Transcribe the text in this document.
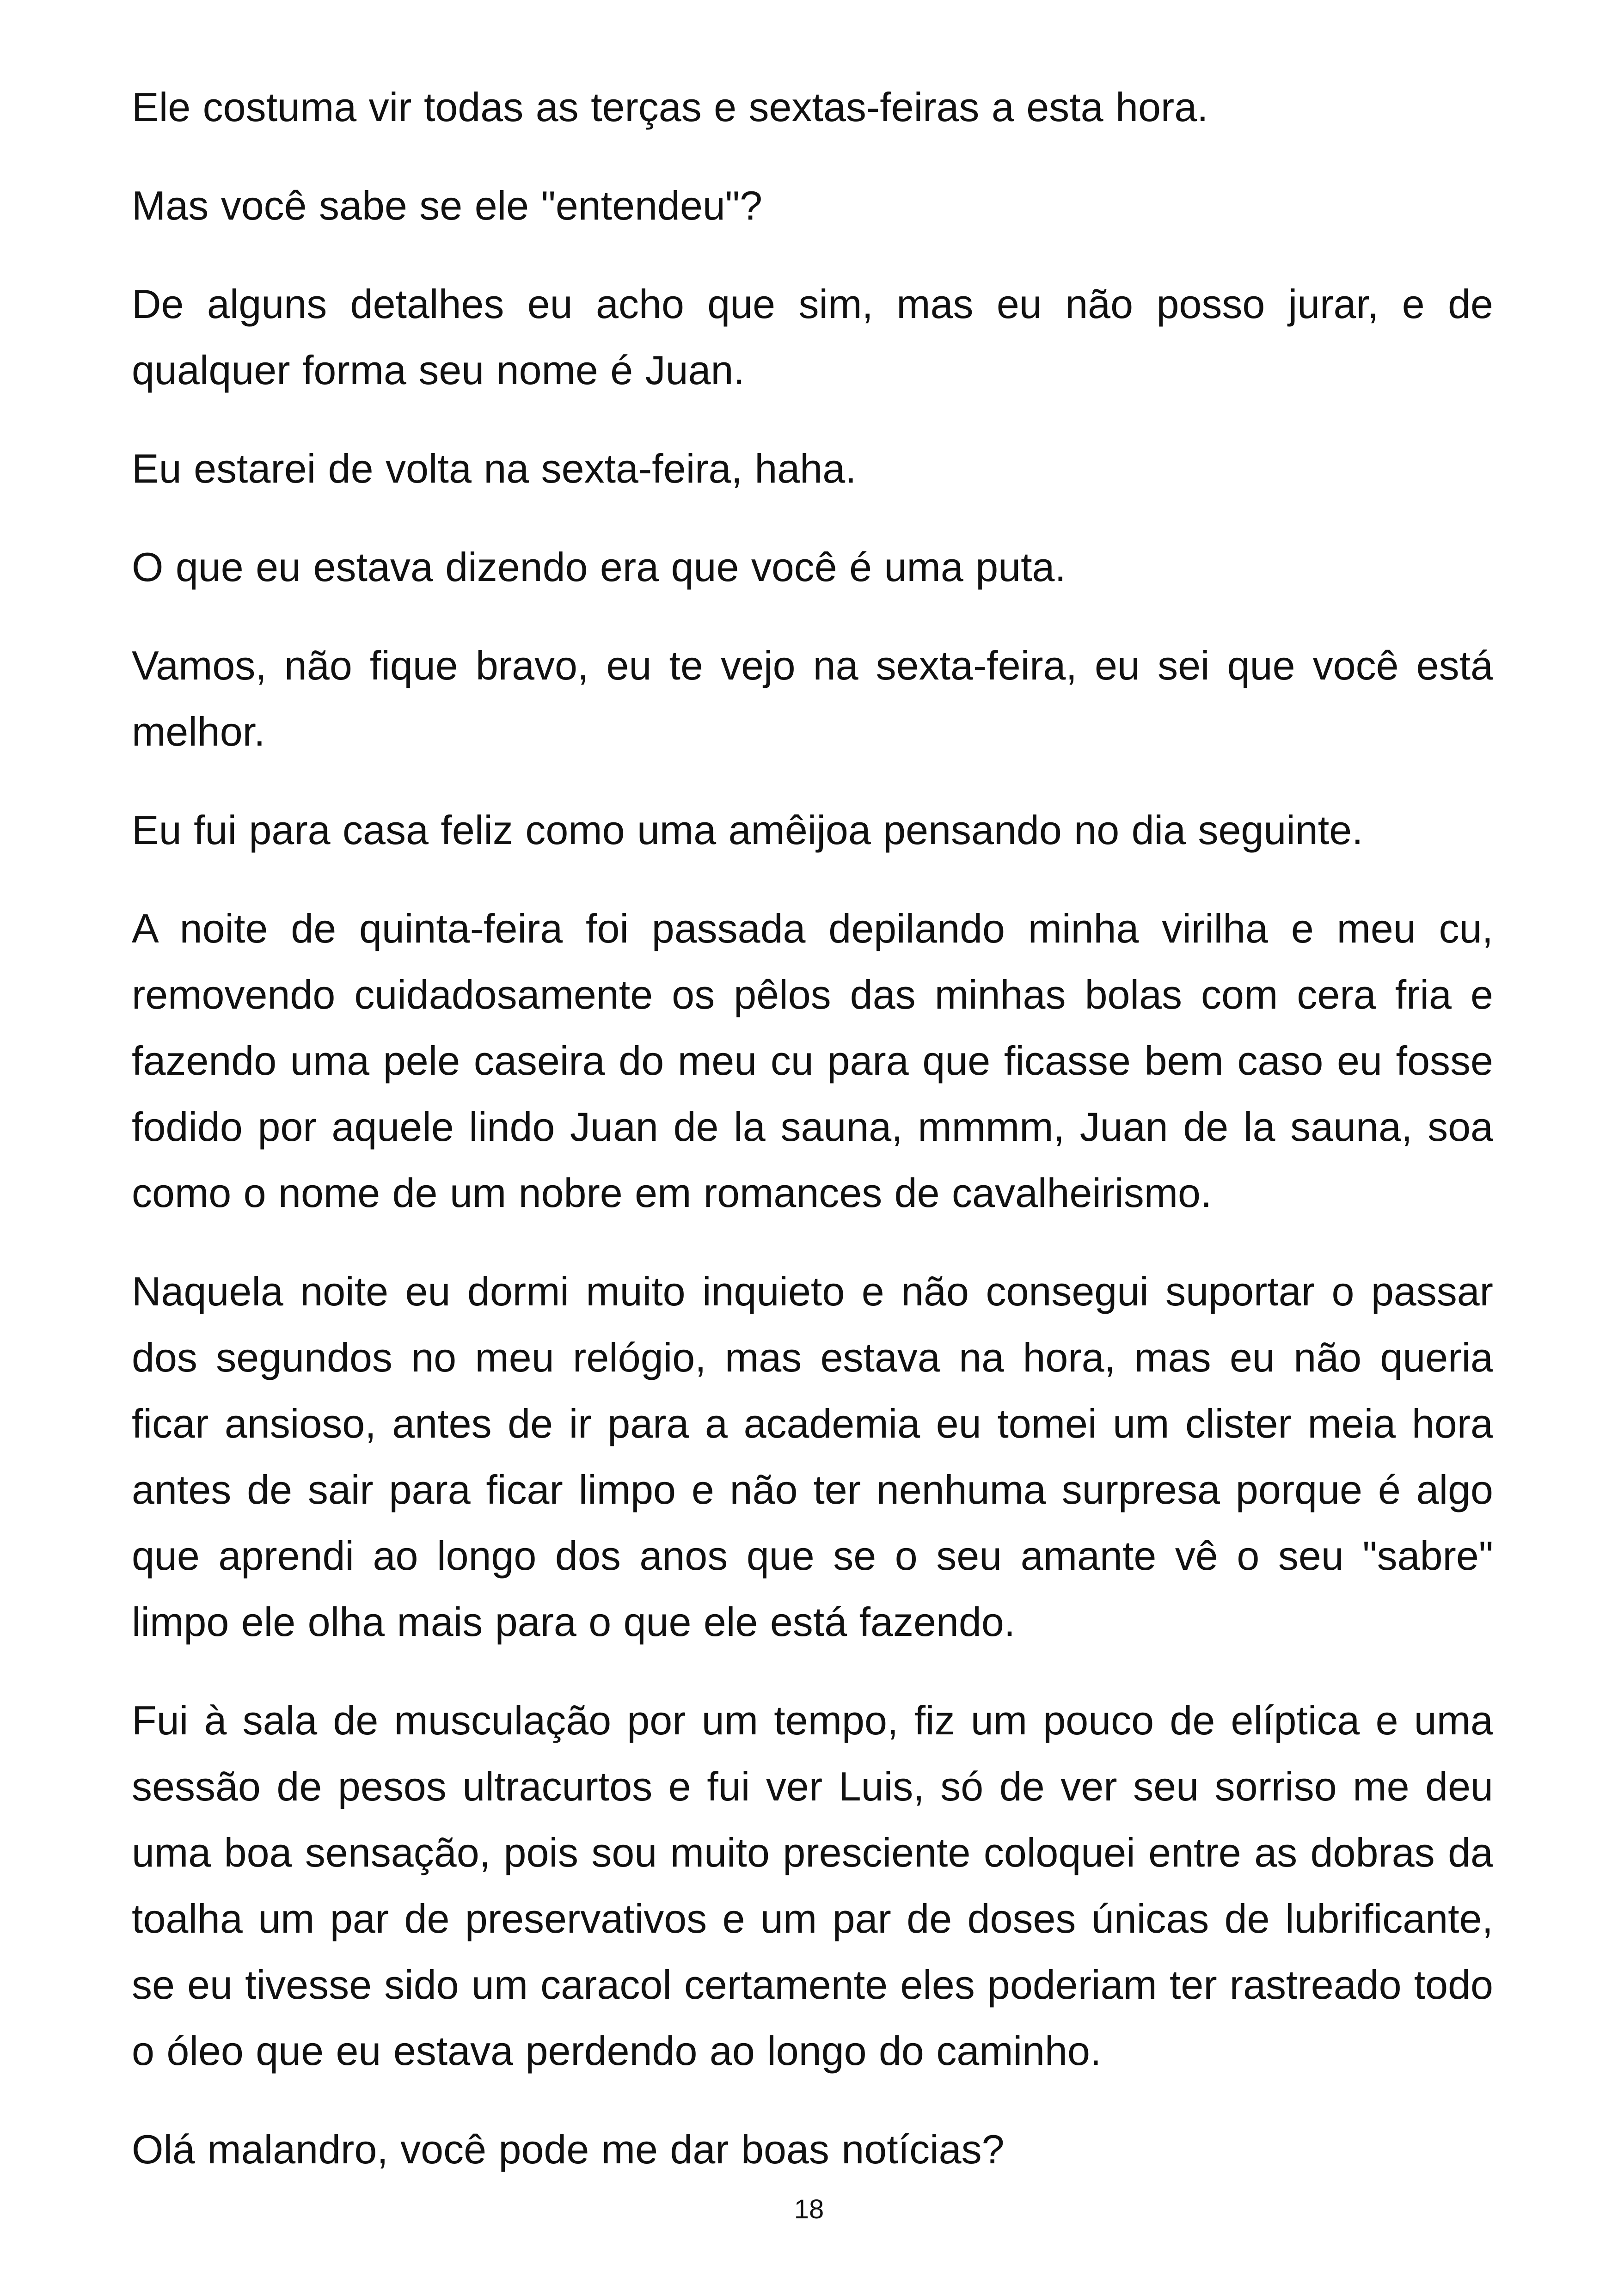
Ele costuma vir todas as terças e sextas-feiras a esta hora.

Mas você sabe se ele "entendeu"?

De alguns detalhes eu acho que sim, mas eu não posso jurar, e de qualquer forma seu nome é Juan.

Eu estarei de volta na sexta-feira, haha.

O que eu estava dizendo era que você é uma puta.

Vamos, não fique bravo, eu te vejo na sexta-feira, eu sei que você está melhor.

Eu fui para casa feliz como uma amêijoa pensando no dia seguinte.

A noite de quinta-feira foi passada depilando minha virilha e meu cu, removendo cuidadosamente os pêlos das minhas bolas com cera fria e fazendo uma pele caseira do meu cu para que ficasse bem caso eu fosse fodido por aquele lindo Juan de la sauna, mmmm, Juan de la sauna, soa como o nome de um nobre em romances de cavalheirismo.

Naquela noite eu dormi muito inquieto e não consegui suportar o passar dos segundos no meu relógio, mas estava na hora, mas eu não queria ficar ansioso, antes de ir para a academia eu tomei um clister meia hora antes de sair para ficar limpo e não ter nenhuma surpresa porque é algo que aprendi ao longo dos anos que se o seu amante vê o seu "sabre" limpo ele olha mais para o que ele está fazendo.

Fui à sala de musculação por um tempo, fiz um pouco de elíptica e uma sessão de pesos ultracurtos e fui ver Luis, só de ver seu sorriso me deu uma boa sensação, pois sou muito presciente coloquei entre as dobras da toalha um par de preservativos e um par de doses únicas de lubrificante, se eu tivesse sido um caracol certamente eles poderiam ter rastreado todo o óleo que eu estava perdendo ao longo do caminho.

Olá malandro, você pode me dar boas notícias?

18
